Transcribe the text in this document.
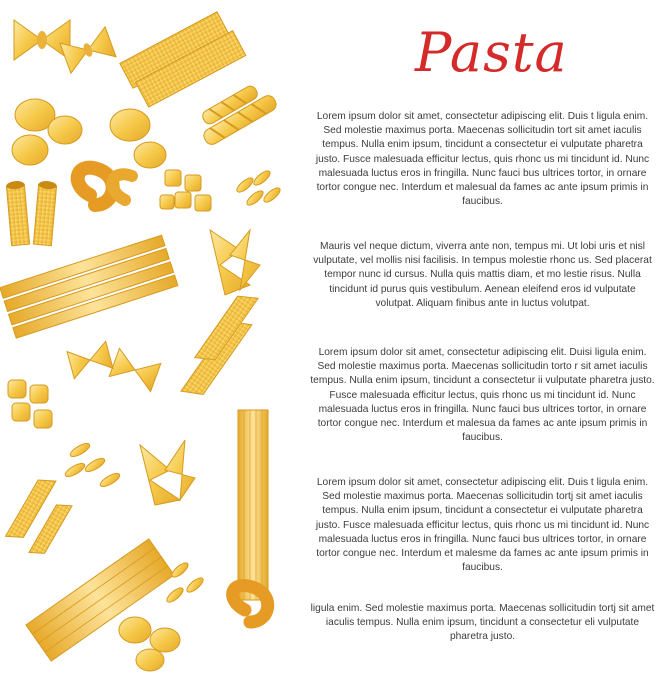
Pasta

Lorem ipsum dolor sit amet, consectetur adipiscing elit. Duis t ligula enim. Sed molestie maximus porta. Maecenas sollicitudin tort sit amet iaculis tempus. Nulla enim ipsum, tincidunt a consectetur ei vulputate pharetra justo. Fusce malesuada efficitur lectus, quis rhonc us mi tincidunt id. Nunc malesuada luctus eros in fringilla. Nunc fauci bus ultrices tortor, in ornare tortor congue nec. Interdum et malesual da fames ac ante ipsum primis in faucibus.

Mauris vel neque dictum, viverra ante non, tempus mi. Ut lobi uris et nisl vulputate, vel mollis nisi facilisis. In tempus molestie rhonc us. Sed placerat tempor nunc id cursus. Nulla quis mattis diam, et mo lestie risus. Nulla tincidunt id purus quis vestibulum. Aenean eleifend eros id vulputate volutpat. Aliquam finibus ante in luctus volutpat.

Lorem ipsum dolor sit amet, consectetur adipiscing elit. Duisi ligula enim. Sed molestie maximus porta. Maecenas sollicitudin torto r sit amet iaculis tempus. Nulla enim ipsum, tincidunt a consectetur ii vulputate pharetra justo. Fusce malesuada efficitur lectus, quis rhonc us mi tincidunt id. Nunc malesuada luctus eros in fringilla. Nunc fauci bus ultrices tortor, in ornare tortor congue nec. Interdum et malesua da fames ac ante ipsum primis in faucibus.

Lorem ipsum dolor sit amet, consectetur adipiscing elit. Duis t ligula enim. Sed molestie maximus porta. Maecenas sollicitudin tortj sit amet iaculis tempus. Nulla enim ipsum, tincidunt a consectetur ei vulputate pharetra justo. Fusce malesuada efficitur lectus, quis rhonc us mi tincidunt id. Nunc malesuada luctus eros in fringilla. Nunc fauci bus ultrices tortor, in ornare tortor congue nec. Interdum et malesme da fames ac ante ipsum primis in faucibus.

ligula enim. Sed molestie maximus porta. Maecenas sollicitudin tortj sit amet iaculis tempus. Nulla enim ipsum, tincidunt a consectetur eli vulputate pharetra justo.
